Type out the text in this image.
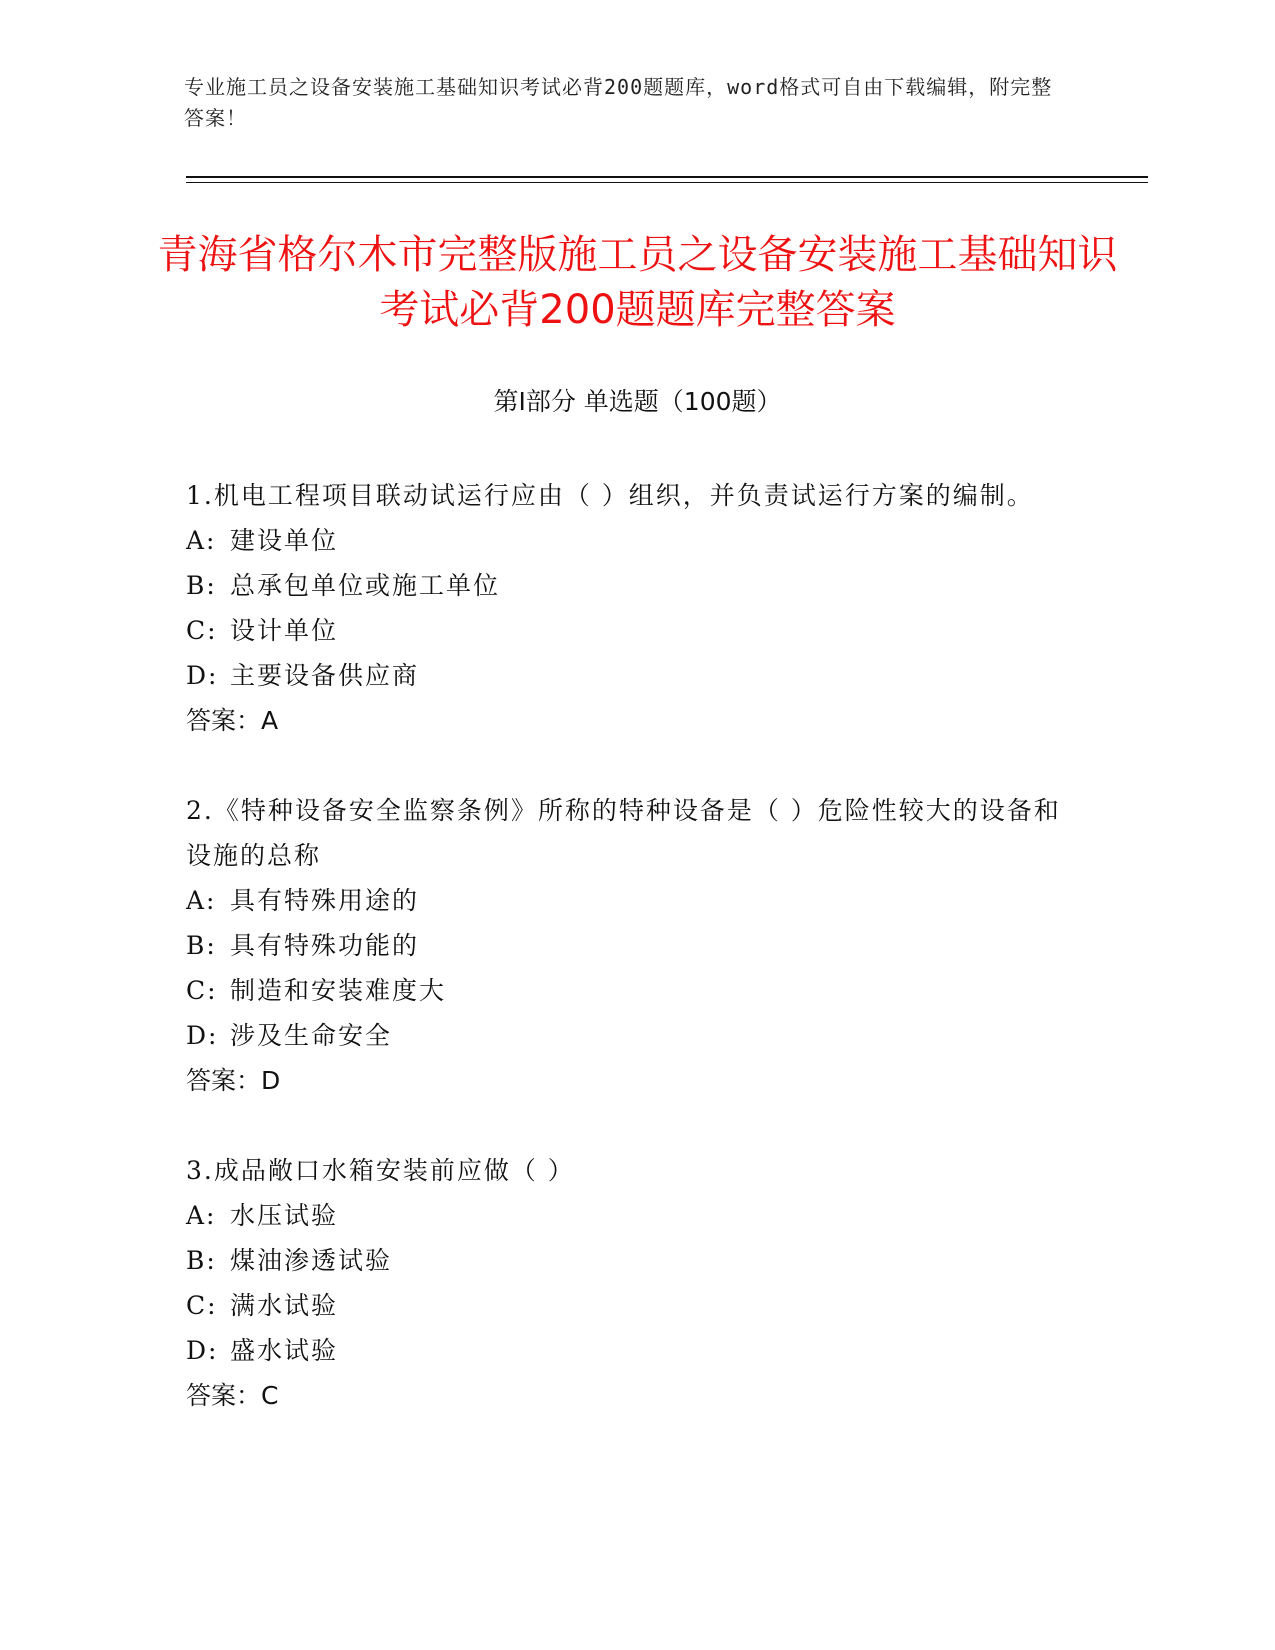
专业施工员之设备安装施工基础知识考试必背200题题库，word格式可自由下载编辑，附完整答案！
青海省格尔木市完整版施工员之设备安装施工基础知识考试必背200题题库完整答案
第Ⅰ部分 单选题（100题）

1.机电工程项目联动试运行应由（ ）组织，并负责试运行方案的编制。

A: 建设单位

B: 总承包单位或施工单位

C: 设计单位

D: 主要设备供应商

答案：A

2.《特种设备安全监察条例》所称的特种设备是（ ）危险性较大的设备和设施的总称

A: 具有特殊用途的

B: 具有特殊功能的

C: 制造和安装难度大

D: 涉及生命安全

答案：D

3.成品敞口水箱安装前应做（ ）

A: 水压试验

B: 煤油渗透试验

C: 满水试验

D: 盛水试验

答案：C
